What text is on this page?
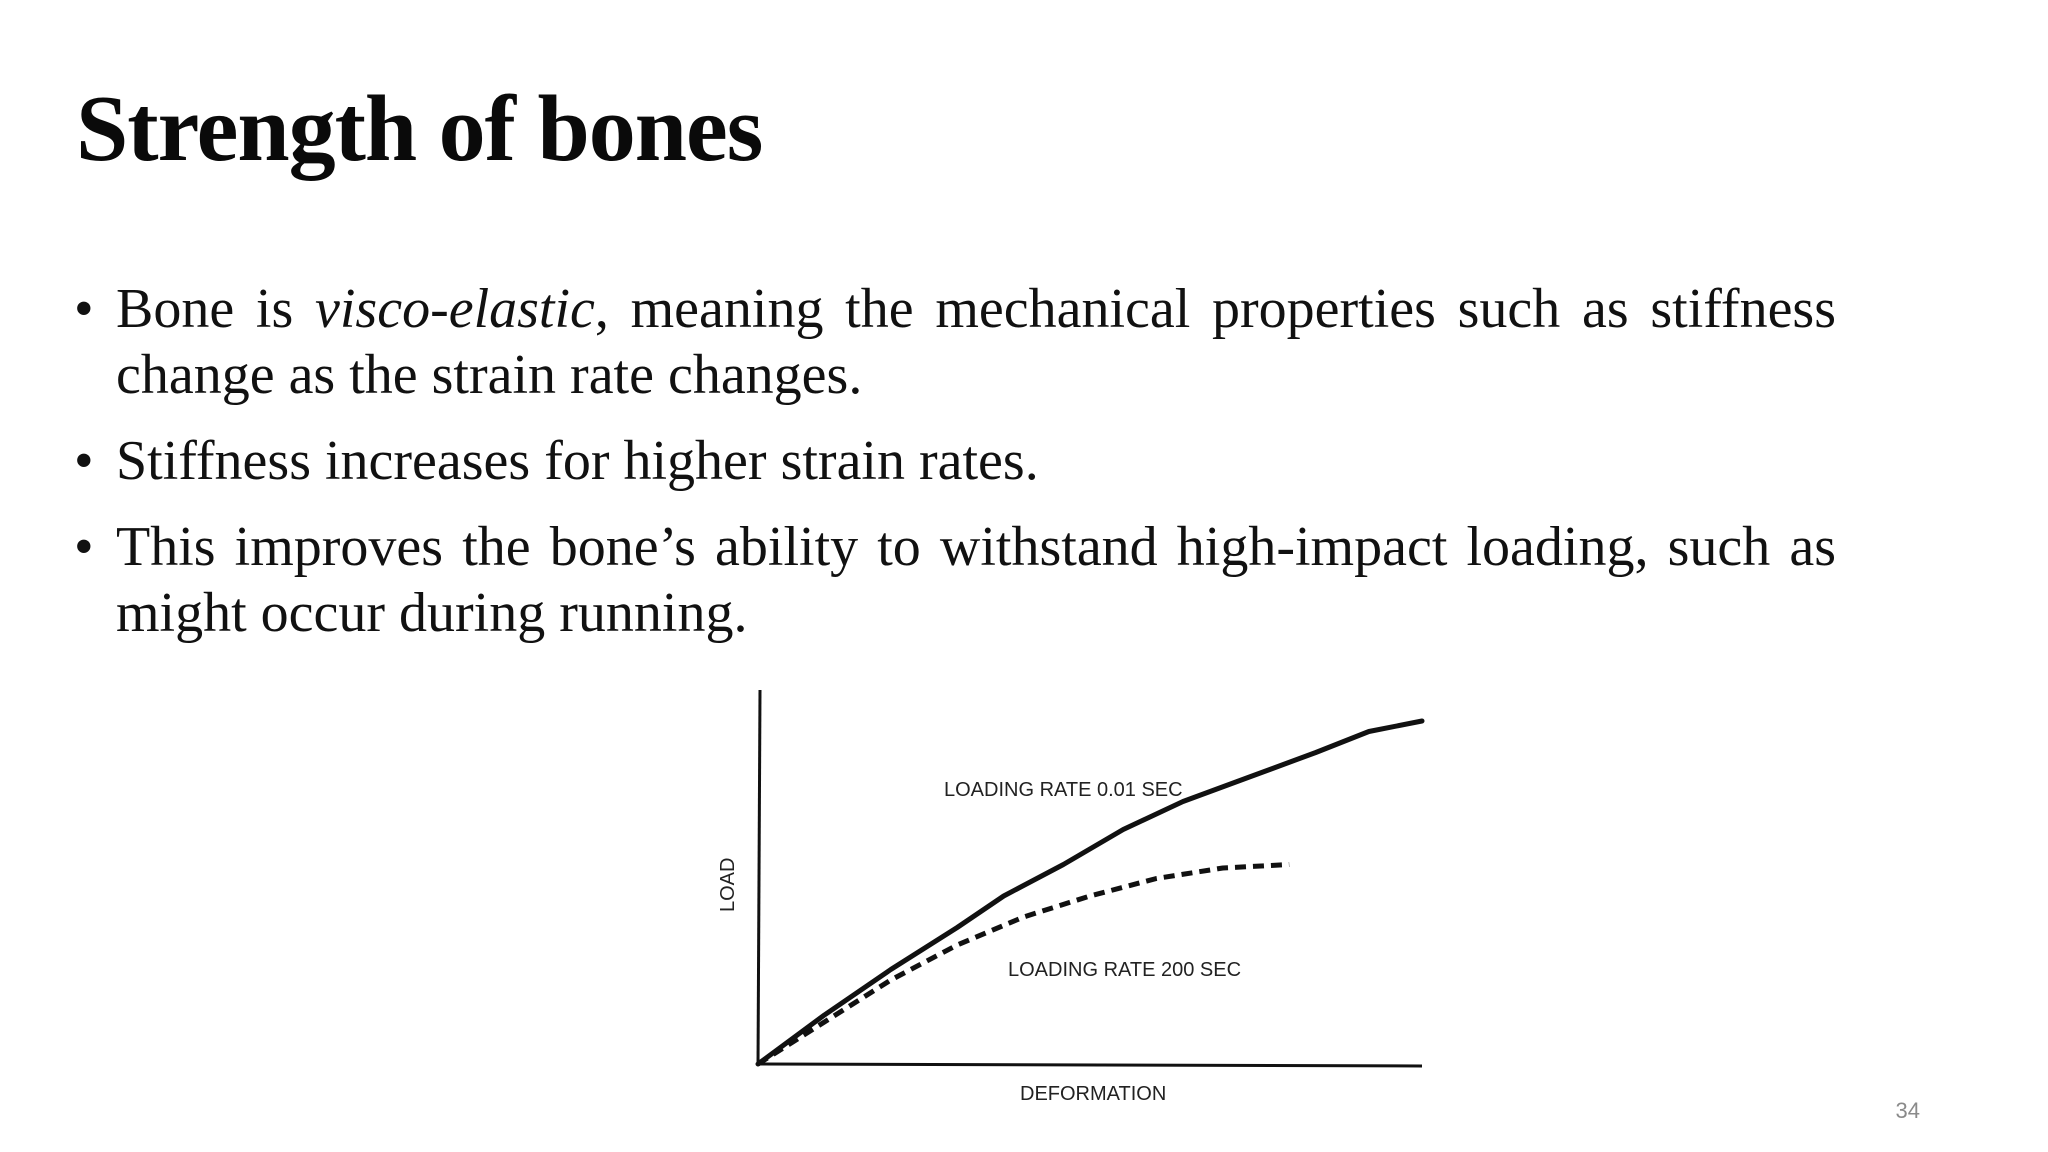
Strength of bones
• Bone is visco-elastic, meaning the mechanical properties such as stiffness change as the strain rate changes.
• Stiffness increases for higher strain rates.
• This improves the bone’s ability to withstand high-impact loading, such as might occur during running.
LOADING RATE 0.01 SEC
LOADING RATE 200 SEC
DEFORMATION
LOAD
34
